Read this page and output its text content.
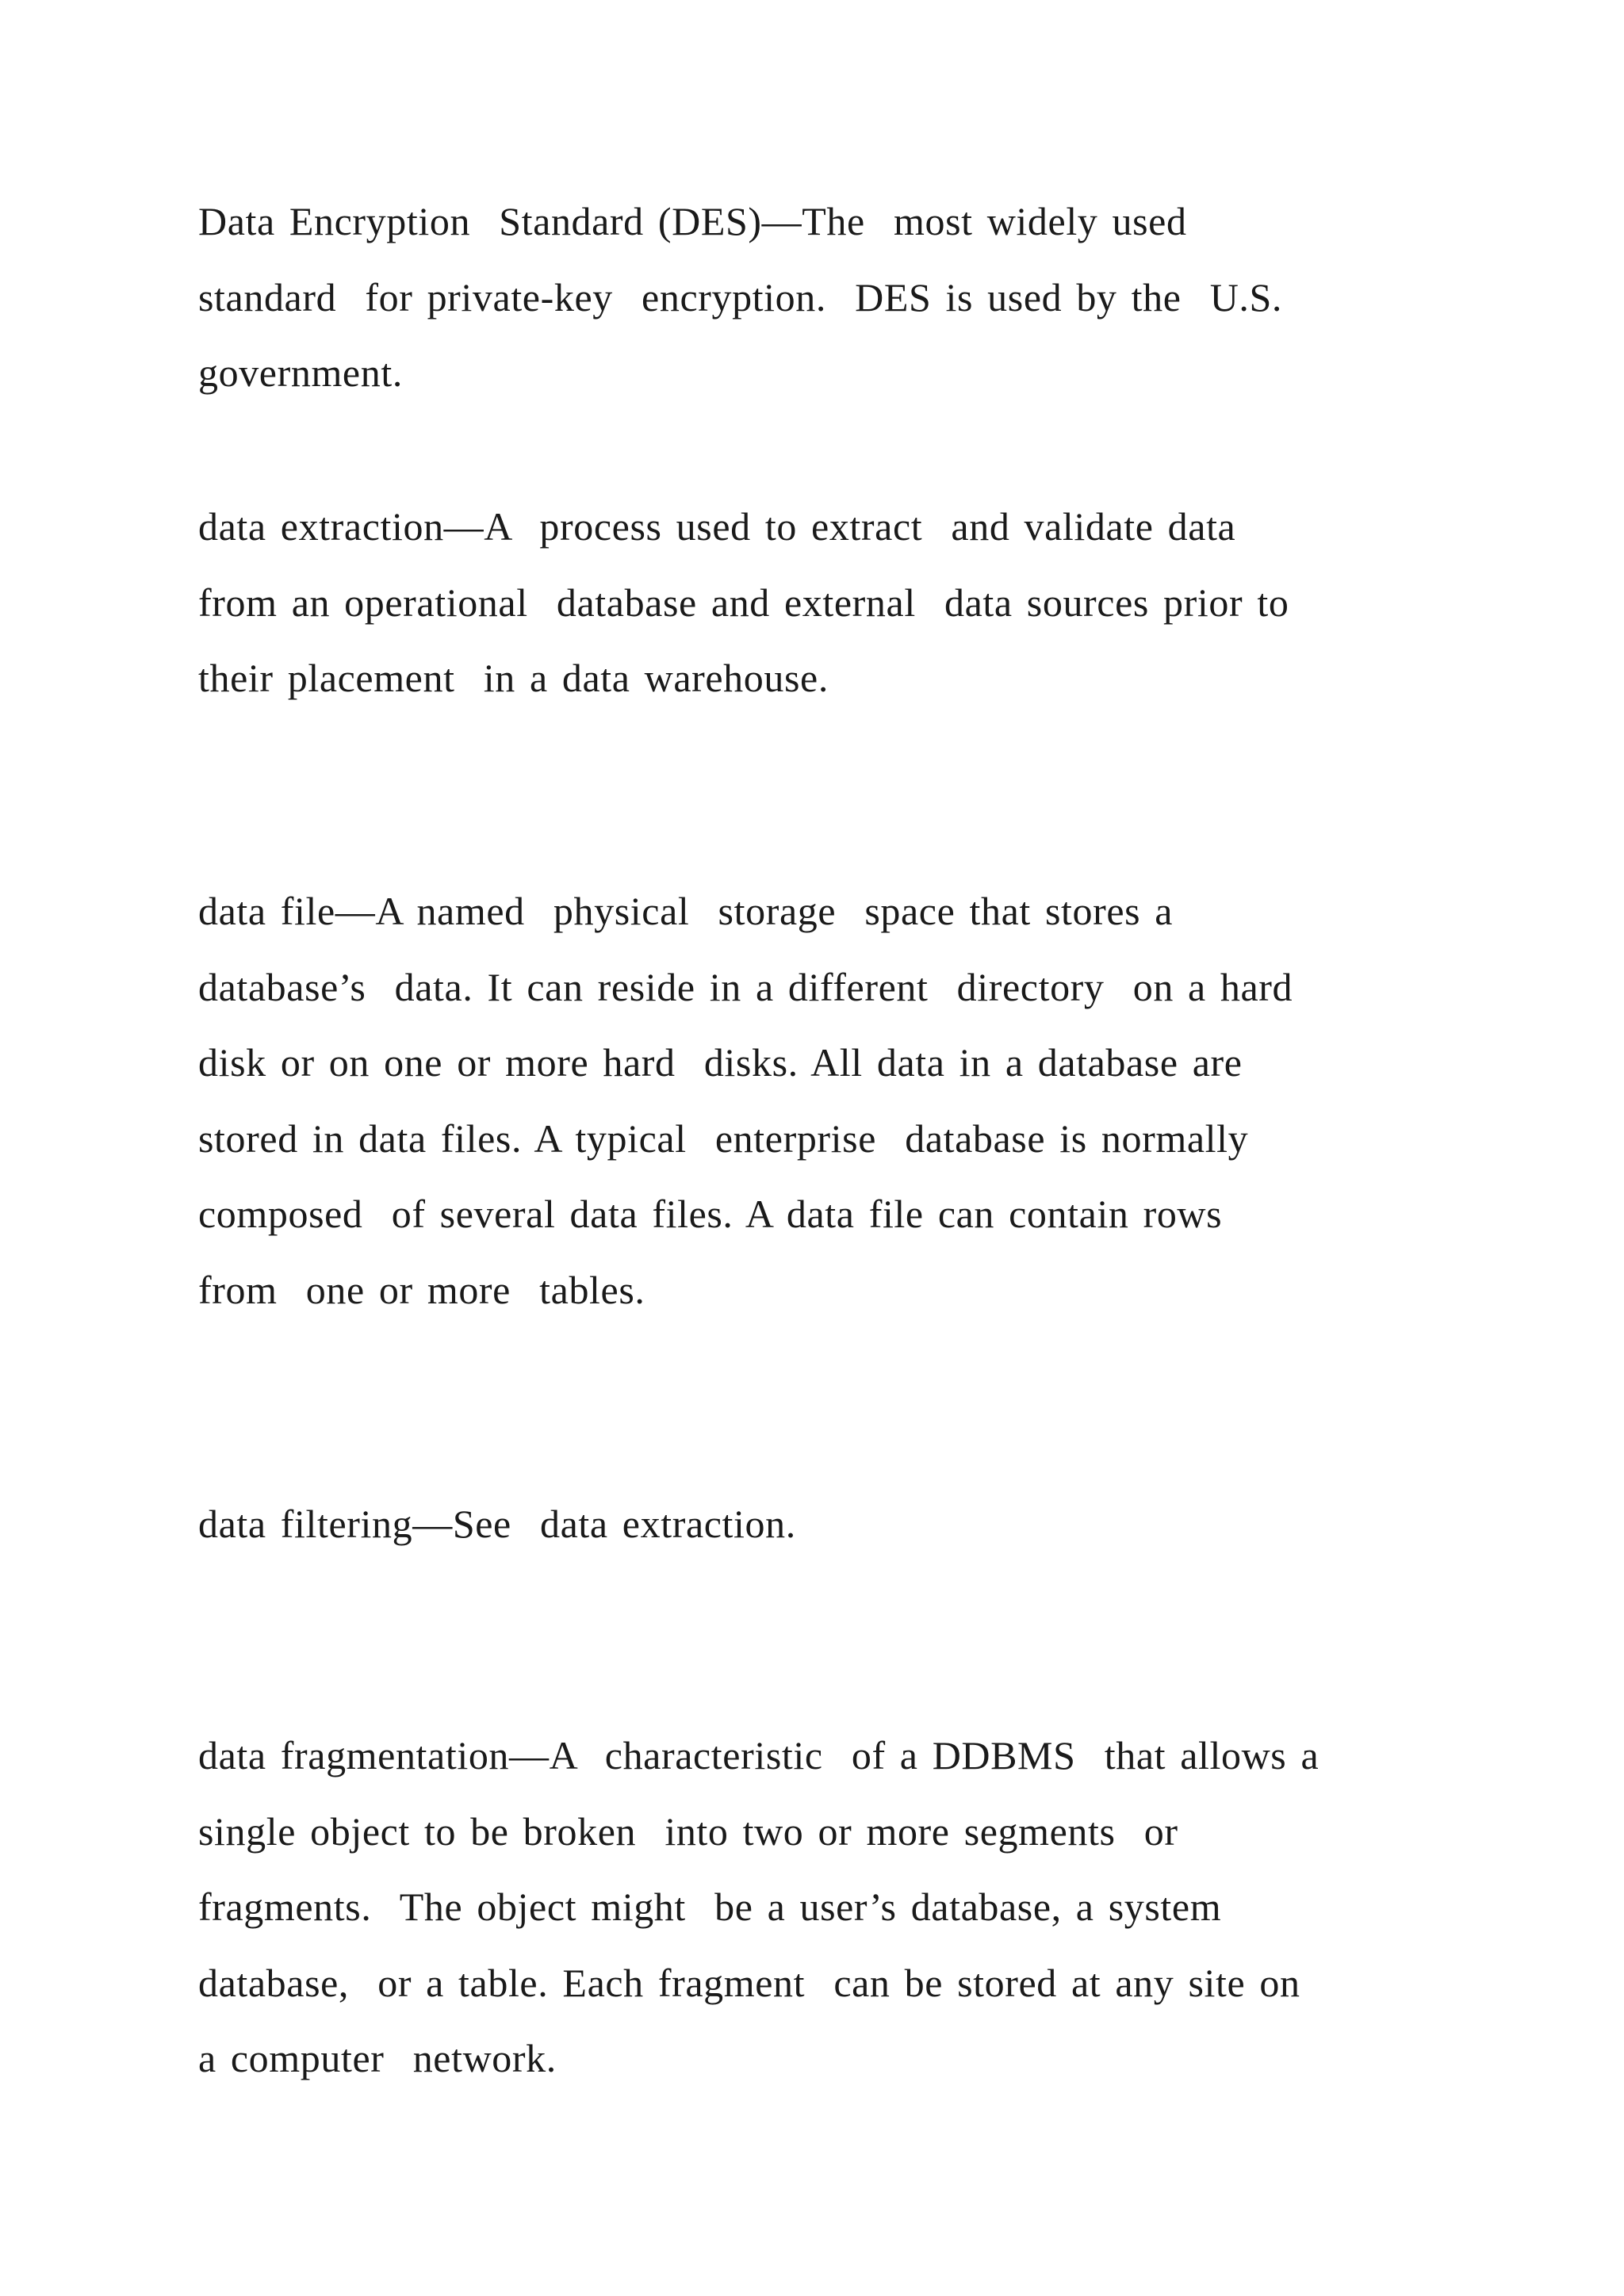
Data Encryption  Standard (DES)—The  most widely used
standard  for private-key  encryption.  DES is used by the  U.S.
government.

data extraction—A  process used to extract  and validate data
from an operational  database and external  data sources prior to
their placement  in a data warehouse.

data file—A named  physical  storage  space that stores a
database’s  data. It can reside in a different  directory  on a hard
disk or on one or more hard  disks. All data in a database are
stored in data files. A typical  enterprise  database is normally
composed  of several data files. A data file can contain rows
from  one or more  tables.

data filtering—See  data extraction.

data fragmentation—A  characteristic  of a DDBMS  that allows a
single object to be broken  into two or more segments  or
fragments.  The object might  be a user’s database, a system
database,  or a table. Each fragment  can be stored at any site on
a computer  network.
